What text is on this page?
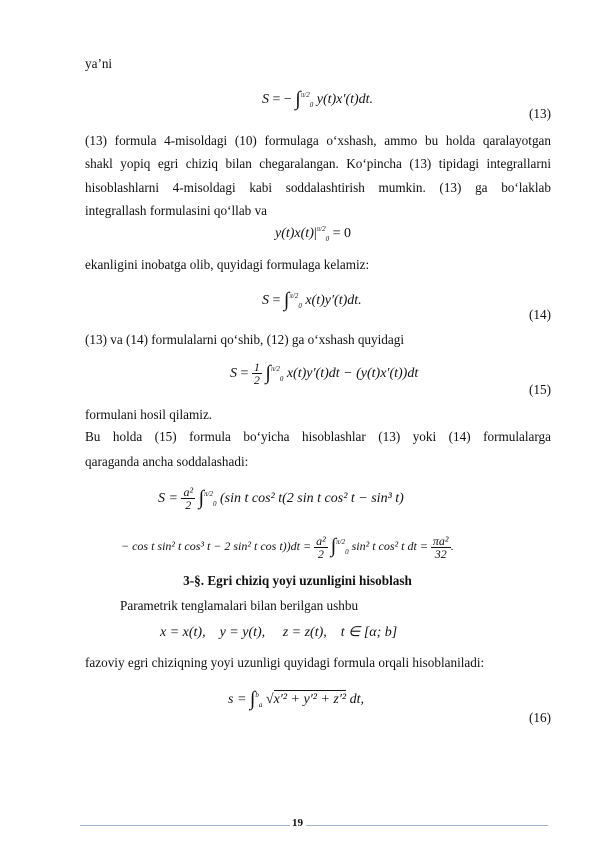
ya’ni
S = − ∫$^{\pi/2}_0$ y(t)x′(t)dt.
(13)
(13) formula 4-misoldagi (10) formulaga o‘xshash, ammo bu holda qaralayotgan
shakl yopiq egri chiziq bilan chegaralangan. Ko‘pincha (13) tipidagi integrallarni
hisoblashlarni 4-misoldagi kabi soddalashtirish mumkin. (13) ga bo‘laklab
integrallash formulasini qo‘llab va
$y(t)x(t)|^{\pi/2}_0 = 0$
ekanligini inobatga olib, quyidagi formulaga kelamiz:
S = ∫$^{\pi/2}_0$ x(t)y′(t)dt.
(14)
(13) va (14) formulalarni qo‘shib, (12) ga o‘xshash quyidagi
$S = \frac{1}{2} \int^{\pi/2}_0$ x(t)y′(t)dt − (y(t)x′(t))dt
(15)
formulani hosil qilamiz.
Bu holda (15) formula bo‘yicha hisoblashlar (13) yoki (14) formulalarga
qaraganda ancha soddalashadi:
$S = \frac{\text{a²}}{2} \int^{\pi/2}_0$ (sin t cos² t(2 sin t cos² t − sin³ t)
− cos t sin² t cos³ t − 2 sin² t $\cos t))dt = \frac{\text{a²}}{2} \int^{\pi/2}_0$ sin² t cos² t dt = $\frac{\text{πa²}}{32}$ .
3-§. Egri chiziq yoyi uzunligini hisoblash
Parametrik tenglamalari bilan berilgan ushbu
x = x(t), y = y(t), z = z(t), t ∈ [α; b]
fazoviy egri chiziqning yoyi uzunligi quyidagi formula orqali hisoblaniladi:
s = ∫$^b_a$ √x′² + y′² + z′² dt,
(16)
19
